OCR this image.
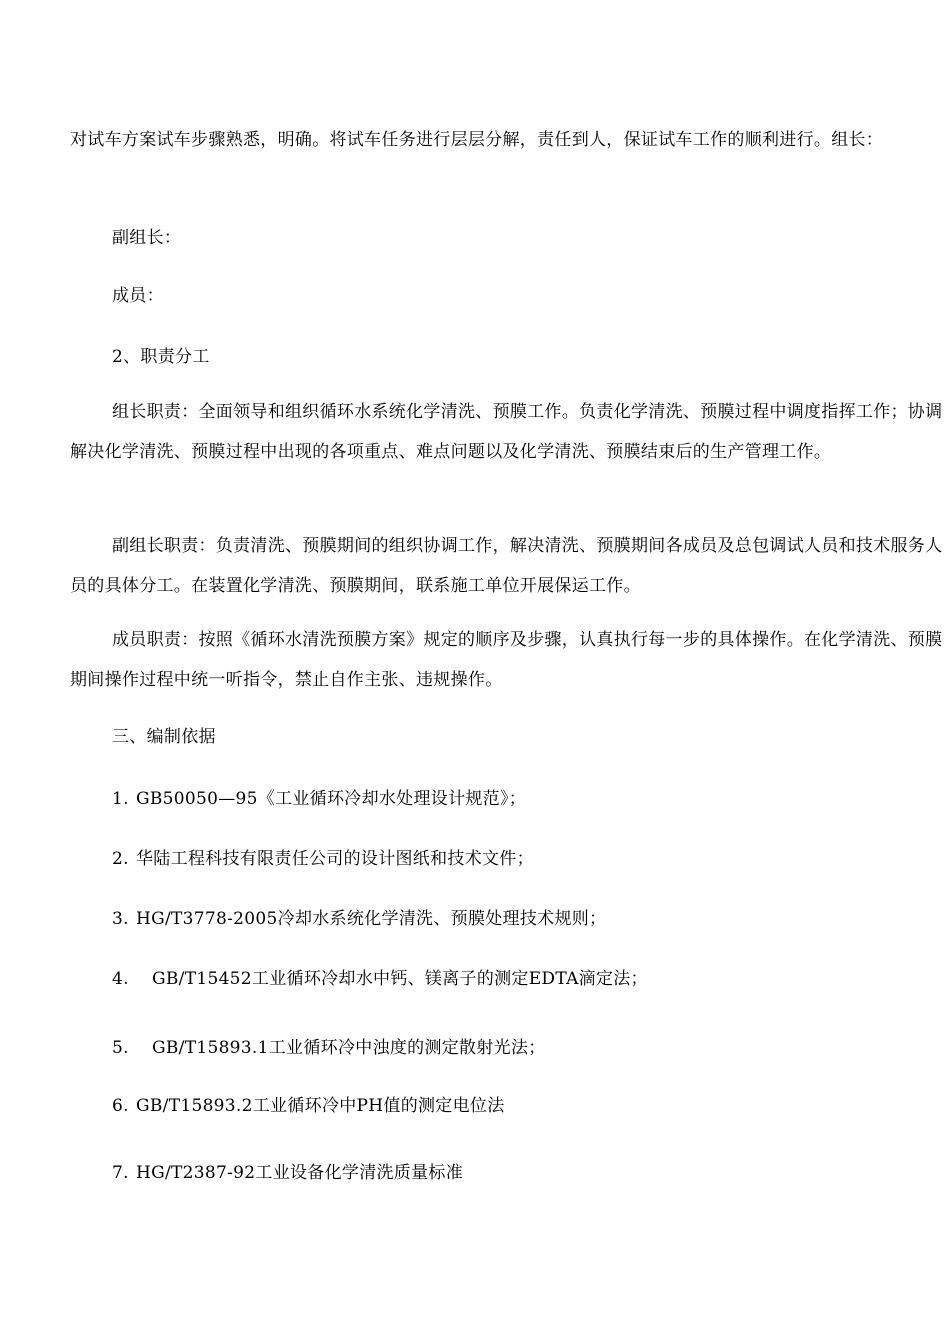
对试车方案试车步骤熟悉，明确。将试车任务进行层层分解，责任到人，保证试车工作的顺利进行。组长：

副组长：

成员：

2、职责分工

组长职责：全面领导和组织循环水系统化学清洗、预膜工作。负责化学清洗、预膜过程中调度指挥工作；协调解决化学清洗、预膜过程中出现的各项重点、难点问题以及化学清洗、预膜结束后的生产管理工作。

副组长职责：负责清洗、预膜期间的组织协调工作，解决清洗、预膜期间各成员及总包调试人员和技术服务人员的具体分工。在装置化学清洗、预膜期间，联系施工单位开展保运工作。

成员职责：按照《循环水清洗预膜方案》规定的顺序及步骤，认真执行每一步的具体操作。在化学清洗、预膜期间操作过程中统一听指令，禁止自作主张、违规操作。

三、编制依据

1. GB50050—95《工业循环冷却水处理设计规范》；
2. 华陆工程科技有限责任公司的设计图纸和技术文件；
3. HG/T3778-2005冷却水系统化学清洗、预膜处理技术规则；
4. GB/T15452工业循环冷却水中钙、镁离子的测定EDTA滴定法；
5. GB/T15893.1工业循环冷中浊度的测定散射光法；
6. GB/T15893.2工业循环冷中PH值的测定电位法
7. HG/T2387-92工业设备化学清洗质量标准
